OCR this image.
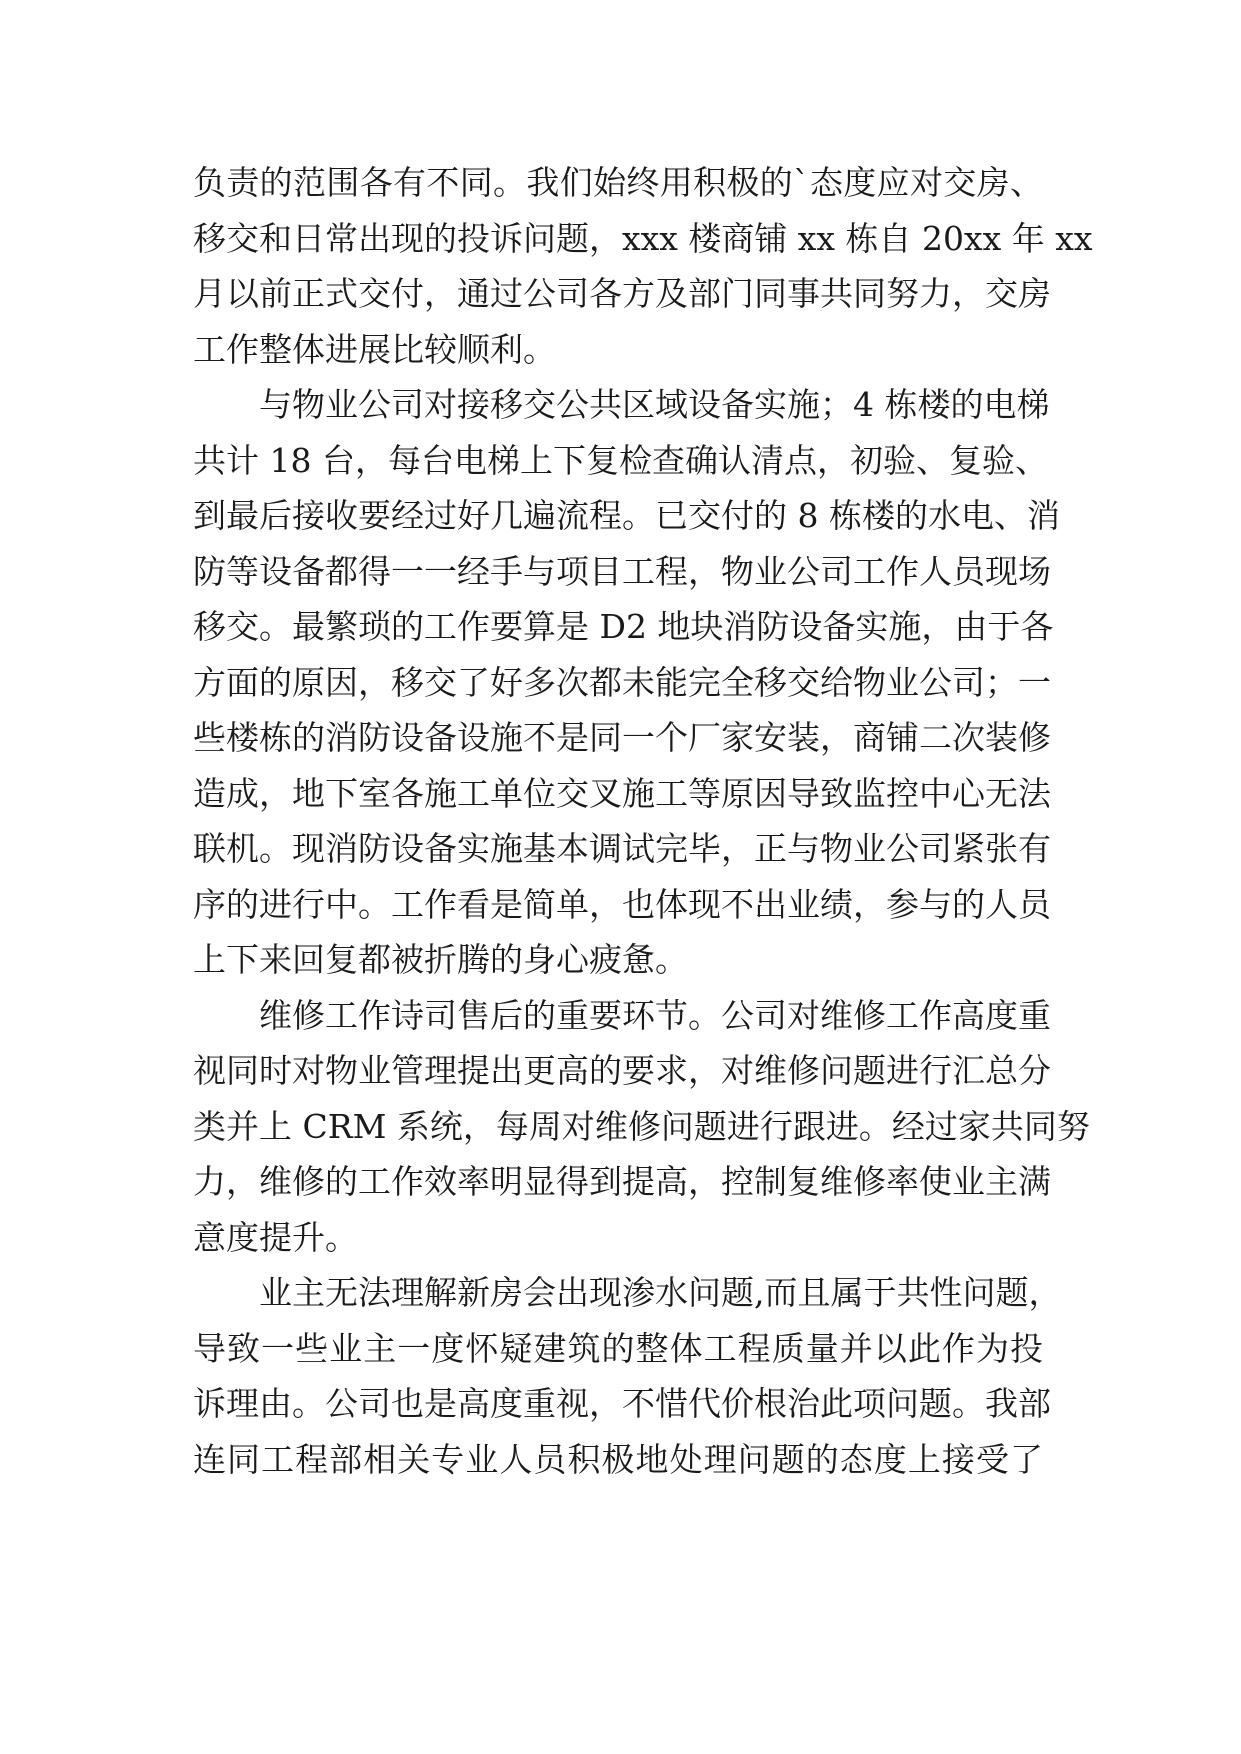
负责的范围各有不同。我们始终用积极的`态度应对交房、
移交和日常出现的投诉问题，xxx 楼商铺 xx 栋自 20xx 年 xx
月以前正式交付，通过公司各方及部门同事共同努力，交房
工作整体进展比较顺利。
与物业公司对接移交公共区域设备实施；4 栋楼的电梯
共计 18 台，每台电梯上下复检查确认清点，初验、复验、
到最后接收要经过好几遍流程。已交付的 8 栋楼的水电、消
防等设备都得一一经手与项目工程，物业公司工作人员现场
移交。最繁琐的工作要算是 D2 地块消防设备实施，由于各
方面的原因，移交了好多次都未能完全移交给物业公司；一
些楼栋的消防设备设施不是同一个厂家安装，商铺二次装修
造成，地下室各施工单位交叉施工等原因导致监控中心无法
联机。现消防设备实施基本调试完毕，正与物业公司紧张有
序的进行中。工作看是简单，也体现不出业绩，参与的人员
上下来回复都被折腾的身心疲惫。
维修工作诗司售后的重要环节。公司对维修工作高度重
视同时对物业管理提出更高的要求，对维修问题进行汇总分
类并上 CRM 系统，每周对维修问题进行跟进。经过家共同努
力，维修的工作效率明显得到提高，控制复维修率使业主满
意度提升。
业主无法理解新房会出现渗水问题,而且属于共性问题，
导致一些业主一度怀疑建筑的整体工程质量并以此作为投
诉理由。公司也是高度重视，不惜代价根治此项问题。我部
连同工程部相关专业人员积极地处理问题的态度上接受了
